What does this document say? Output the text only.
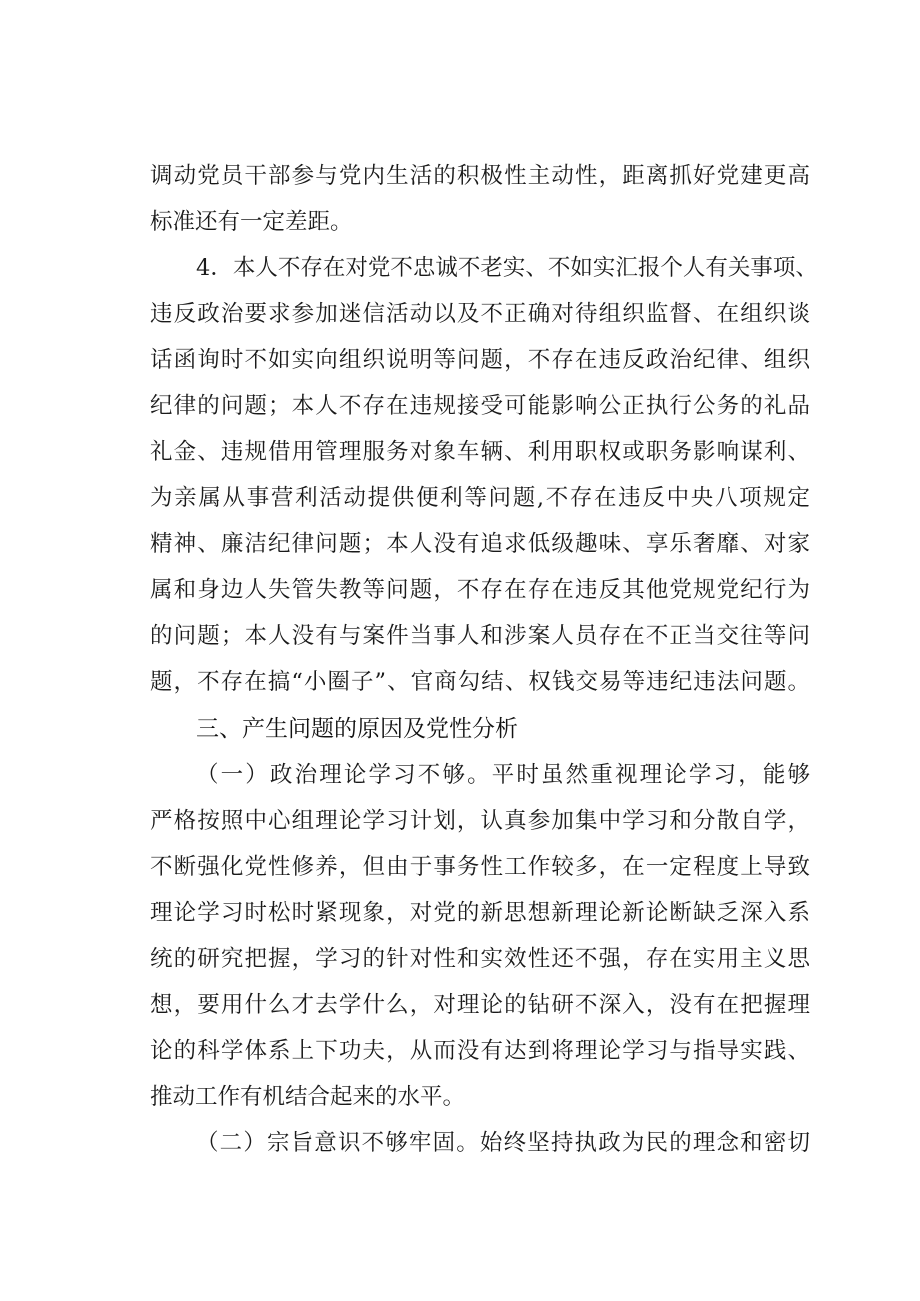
调动党员干部参与党内生活的积极性主动性，距离抓好党建更高
标准还有一定差距。
4．本人不存在对党不忠诚不老实、不如实汇报个人有关事项、
违反政治要求参加迷信活动以及不正确对待组织监督、在组织谈
话函询时不如实向组织说明等问题，不存在违反政治纪律、组织
纪律的问题；本人不存在违规接受可能影响公正执行公务的礼品
礼金、违规借用管理服务对象车辆、利用职权或职务影响谋利、
为亲属从事营利活动提供便利等问题,不存在违反中央八项规定
精神、廉洁纪律问题；本人没有追求低级趣味、享乐奢靡、对家
属和身边人失管失教等问题，不存在存在违反其他党规党纪行为
的问题；本人没有与案件当事人和涉案人员存在不正当交往等问
题，不存在搞“小圈子”、官商勾结、权钱交易等违纪违法问题。
三、产生问题的原因及党性分析
（一）政治理论学习不够。平时虽然重视理论学习，能够
严格按照中心组理论学习计划，认真参加集中学习和分散自学，
不断强化党性修养，但由于事务性工作较多，在一定程度上导致
理论学习时松时紧现象，对党的新思想新理论新论断缺乏深入系
统的研究把握，学习的针对性和实效性还不强，存在实用主义思
想，要用什么才去学什么，对理论的钻研不深入，没有在把握理
论的科学体系上下功夫，从而没有达到将理论学习与指导实践、
推动工作有机结合起来的水平。
（二）宗旨意识不够牢固。始终坚持执政为民的理念和密切
